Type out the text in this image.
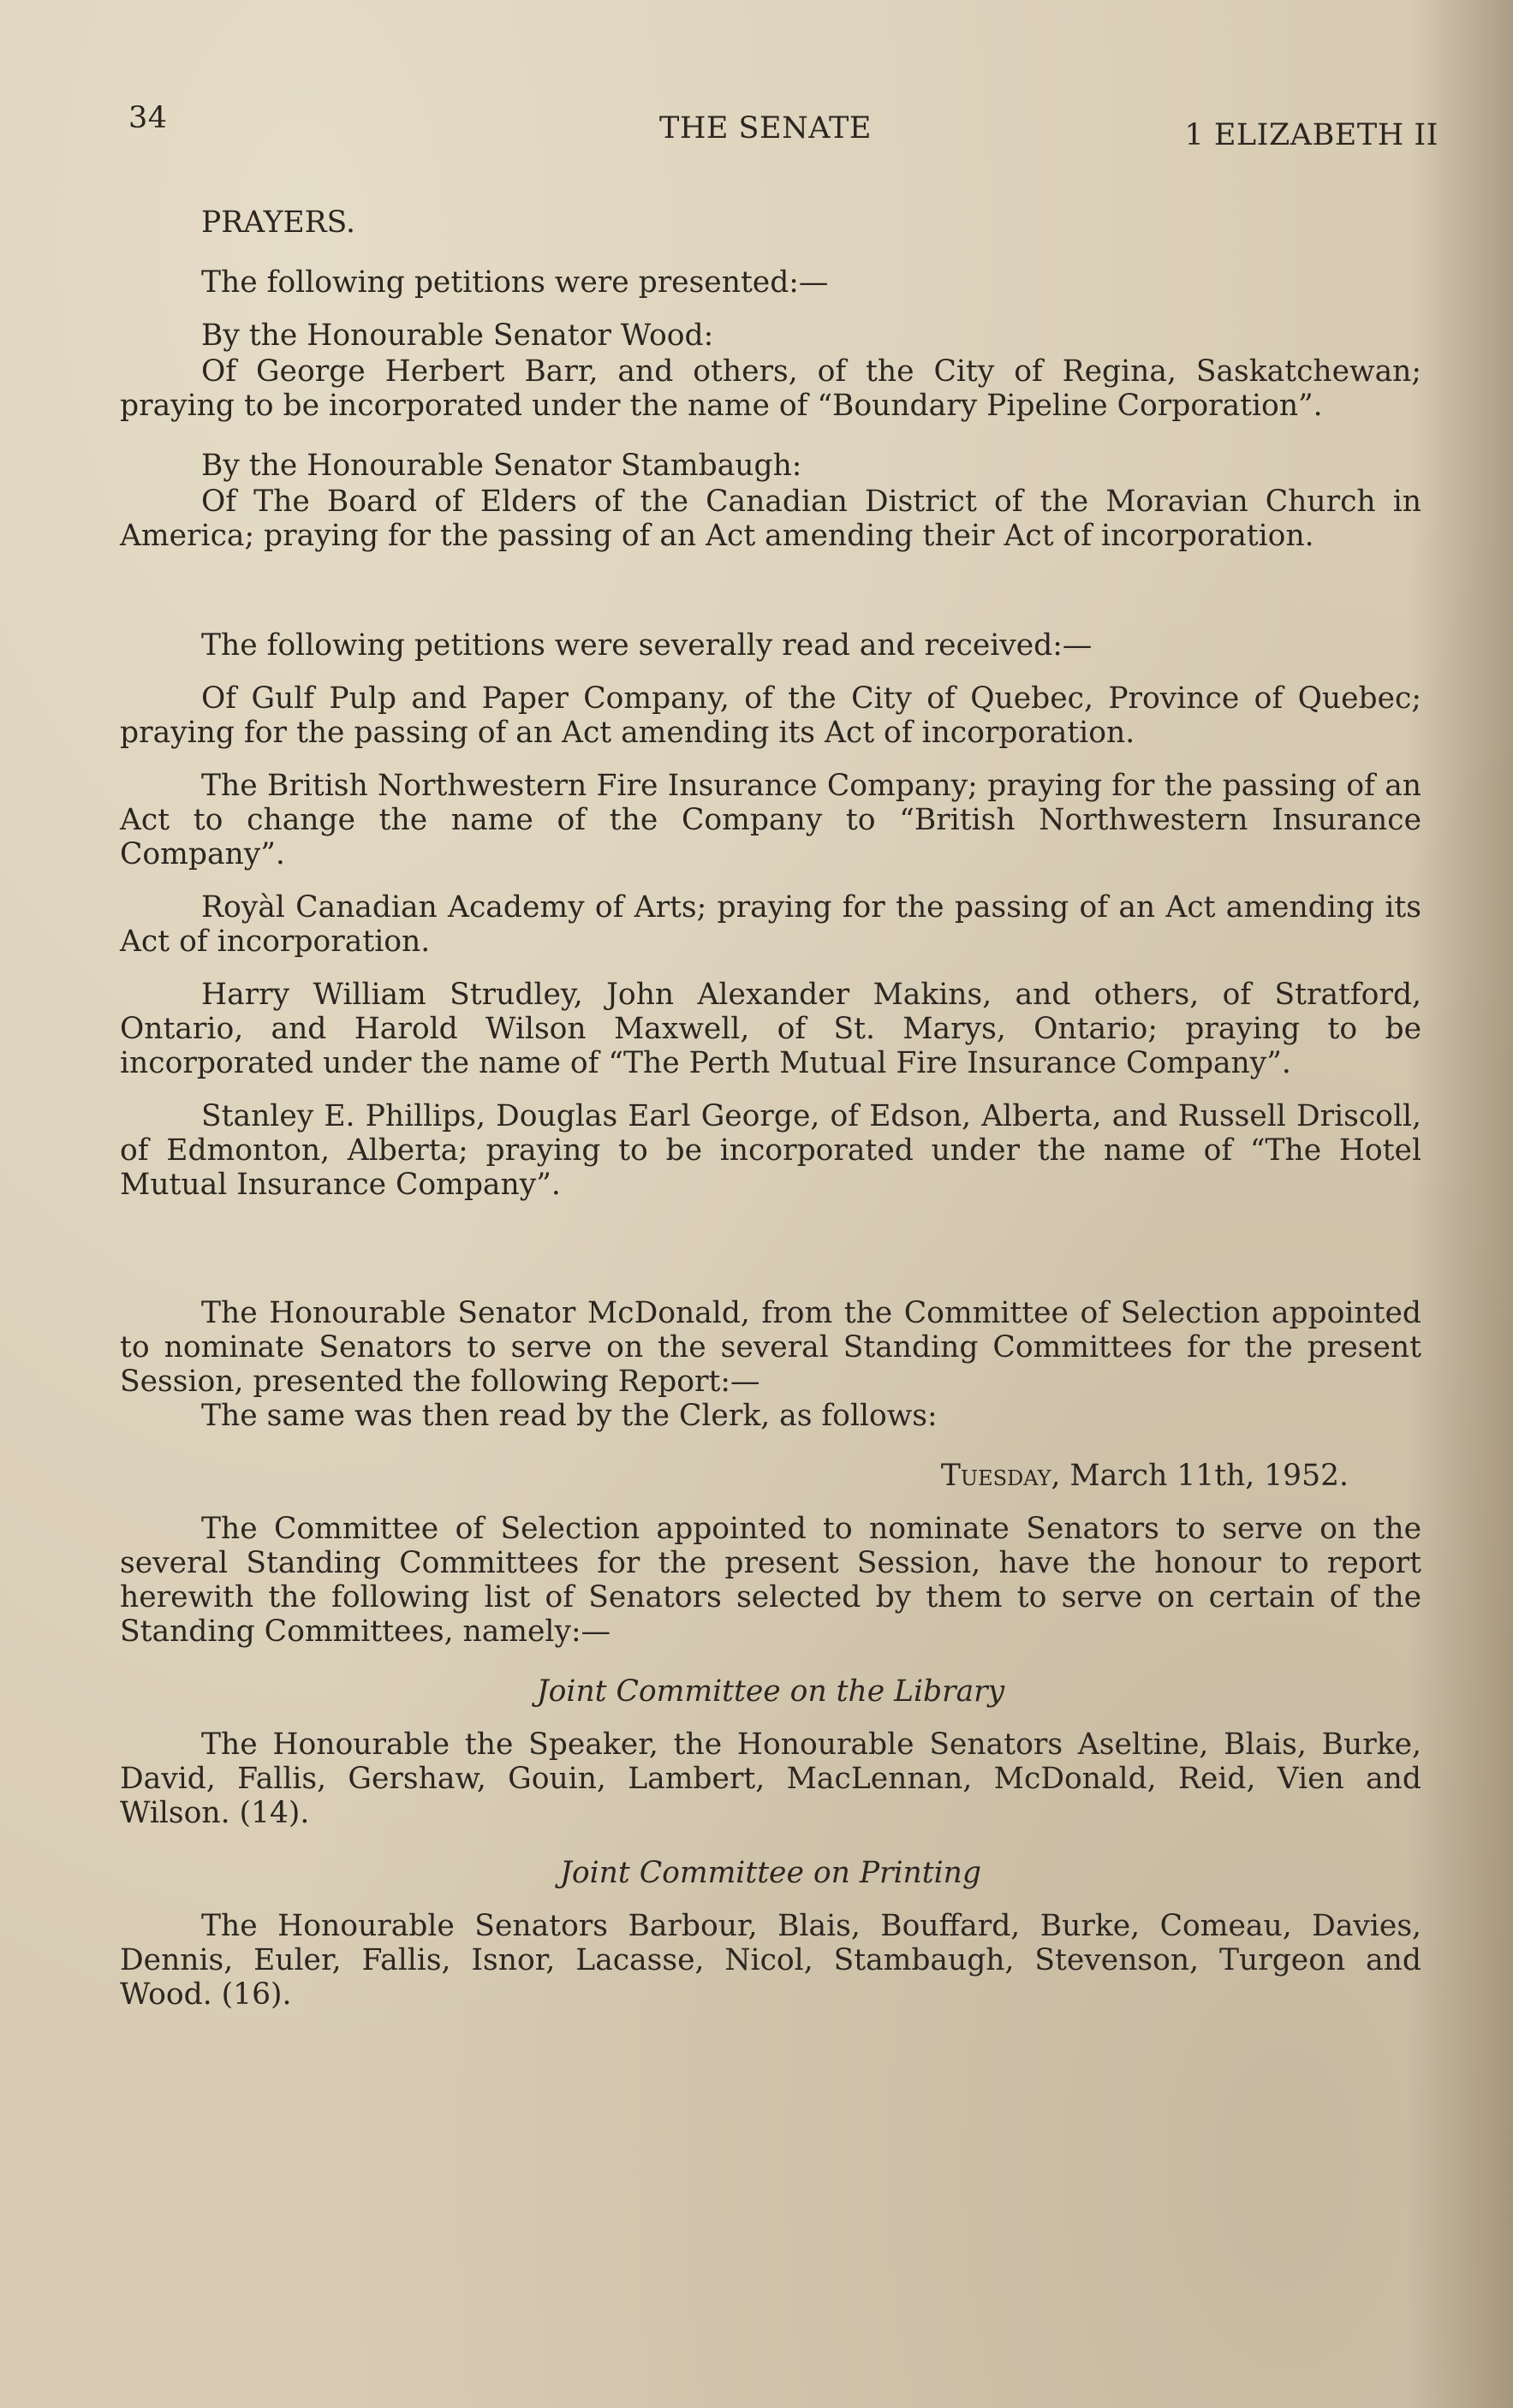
34	THE SENATE	1 ELIZABETH II

PRAYERS.

The following petitions were presented:—

By the Honourable Senator Wood:

Of George Herbert Barr, and others, of the City of Regina, Saskatchewan; praying to be incorporated under the name of “Boundary Pipeline Corporation”.

By the Honourable Senator Stambaugh:

Of The Board of Elders of the Canadian District of the Moravian Church in America; praying for the passing of an Act amending their Act of incorporation.

The following petitions were severally read and received:—

Of Gulf Pulp and Paper Company, of the City of Quebec, Province of Quebec; praying for the passing of an Act amending its Act of incorporation.

The British Northwestern Fire Insurance Company; praying for the passing of an Act to change the name of the Company to “British Northwestern Insurance Company”.

Royàl Canadian Academy of Arts; praying for the passing of an Act amending its Act of incorporation.

Harry William Strudley, John Alexander Makins, and others, of Stratford, Ontario, and Harold Wilson Maxwell, of St. Marys, Ontario; praying to be incorporated under the name of “The Perth Mutual Fire Insurance Company”.

Stanley E. Phillips, Douglas Earl George, of Edson, Alberta, and Russell Driscoll, of Edmonton, Alberta; praying to be incorporated under the name of “The Hotel Mutual Insurance Company”.

The Honourable Senator McDonald, from the Committee of Selection appointed to nominate Senators to serve on the several Standing Committees for the present Session, presented the following Report:—

The same was then read by the Clerk, as follows:

Tuesday, March 11th, 1952.

The Committee of Selection appointed to nominate Senators to serve on the several Standing Committees for the present Session, have the honour to report herewith the following list of Senators selected by them to serve on certain of the Standing Committees, namely:—

Joint Committee on the Library

The Honourable the Speaker, the Honourable Senators Aseltine, Blais, Burke, David, Fallis, Gershaw, Gouin, Lambert, MacLennan, McDonald, Reid, Vien and Wilson. (14).

Joint Committee on Printing

The Honourable Senators Barbour, Blais, Bouffard, Burke, Comeau, Davies, Dennis, Euler, Fallis, Isnor, Lacasse, Nicol, Stambaugh, Stevenson, Turgeon and Wood. (16).
